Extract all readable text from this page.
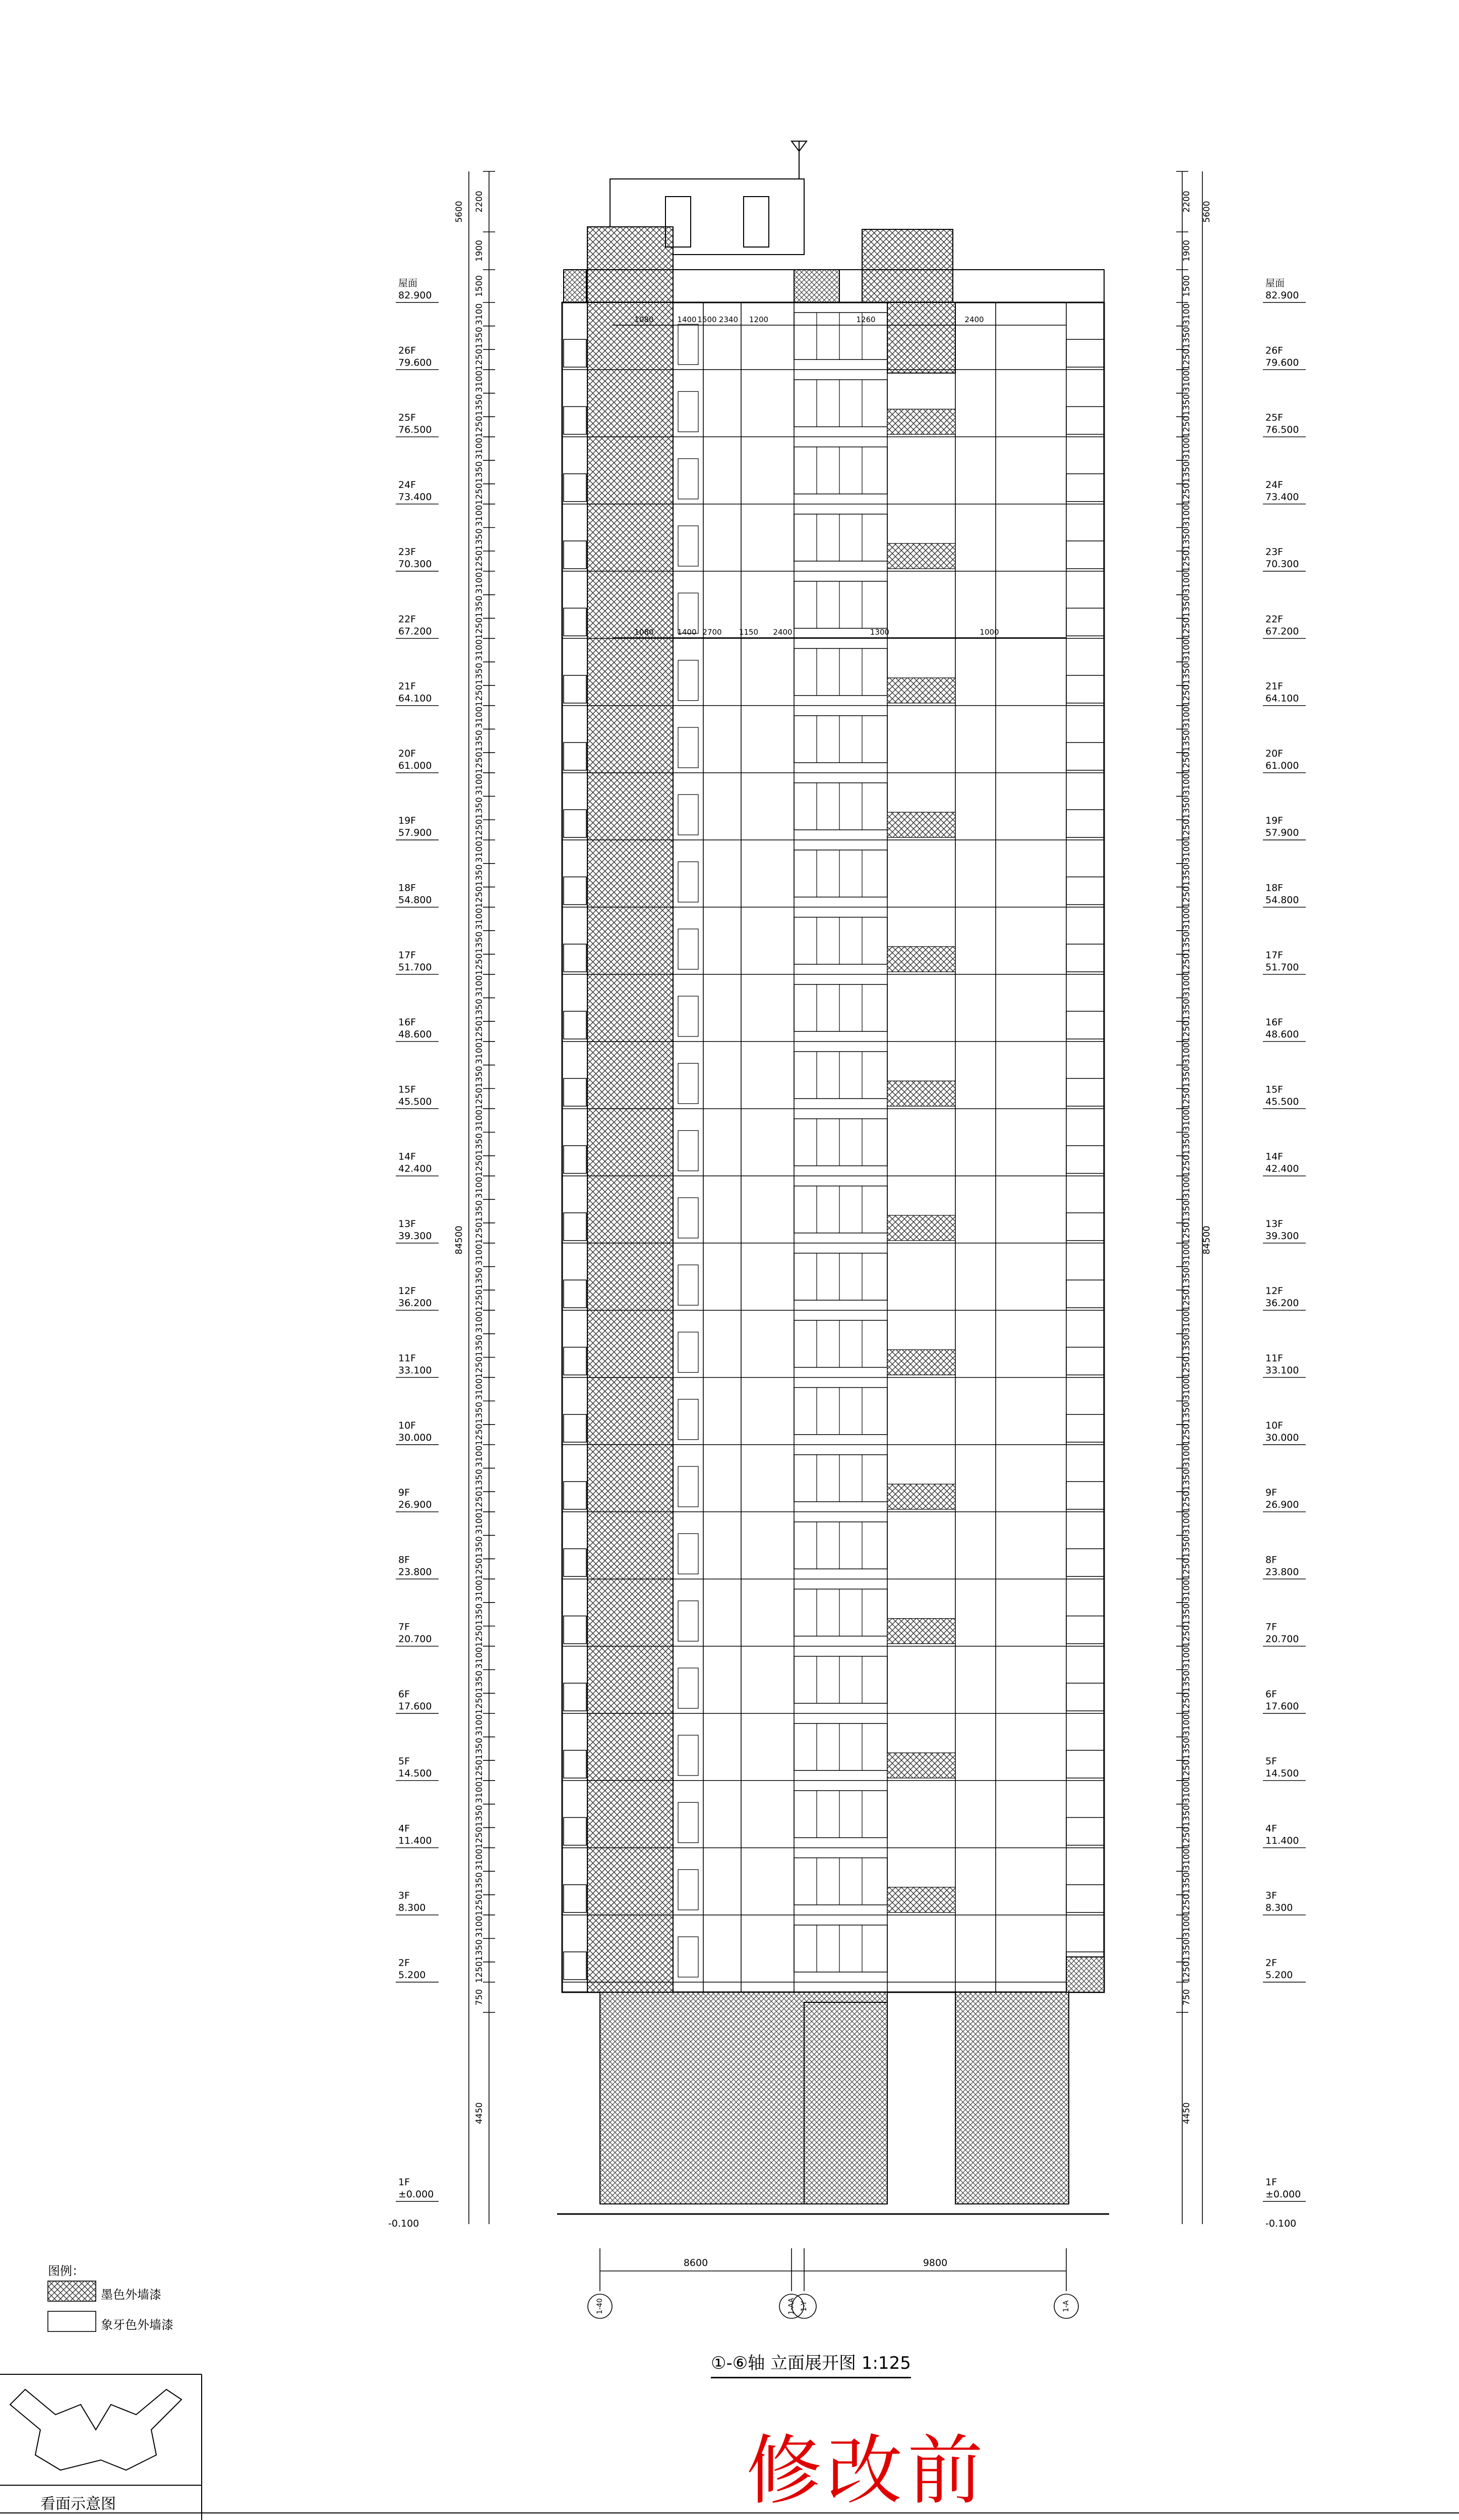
1080	1400 1500 2340 1200	1260	2400
1080	1400 2700 1150 2400	1300	1000
2200
1900
1500
3100
1350
1250
3100
1350
1250
3100
1350
1250
3100
1350
1250
3100
1350
1250
3100
1350
1250
3100
1350
1250
3100
1350
1250
3100
1350
1250
3100
1350
1250
3100
1350
1250
3100
1350
1250
3100
1350
1250
3100
1350
1250
3100
1350
1250
3100
1350
1250
3100
1350
1250
3100
1350
1250
3100
1350
1250
3100
1350
1250
3100
1350
1250
3100
1350
1250
3100
1350
1250
3100
1350
1250
3100
1350
1250
750
4450
5600
84500
2200
1900
1500
3100
1350
1250
3100
1350
1250
3100
1350
1250
3100
1350
1250
3100
1350
1250
3100
1350
1250
3100
1350
1250
3100
1350
1250
3100
1350
1250
3100
1350
1250
3100
1350
1250
3100
1350
1250
3100
1350
1250
3100
1350
1250
3100
1350
1250
3100
1350
1250
3100
1350
1250
3100
1350
1250
3100
1350
1250
3100
1350
1250
3100
1350
1250
3100
1350
1250
3100
1350
1250
3100
1350
1250
3100
1350
1250
750
4450
5600
84500
屋面
82.900
屋面
82.900
26F
79.600
26F
79.600
25F
76.500
25F
76.500
24F
73.400
24F
73.400
23F
70.300
23F
70.300
22F
67.200
22F
67.200
21F
64.100
21F
64.100
20F
61.000
20F
61.000
19F
57.900
19F
57.900
18F
54.800
18F
54.800
17F
51.700
17F
51.700
16F
48.600
16F
48.600
15F
45.500
15F
45.500
14F
42.400
14F
42.400
13F
39.300
13F
39.300
12F
36.200
12F
36.200
11F
33.100
11F
33.100
10F
30.000
10F
30.000
9F
26.900
9F
26.900
8F
23.800
8F
23.800
7F
20.700
7F
20.700
6F
17.600
6F
17.600
5F
14.500
5F
14.500
4F
11.400
4F
11.400
3F
8.300
3F
8.300
2F
5.200
2F
5.200
1F
±0.000
1F
±0.000
-0.100	-0.100
1-40	1-AA 1-Y	1-A
8600	9800
图例：
墨色外墙漆
象牙色外墙漆
①-⑥轴 立面展开图 1:125
修改前
看面示意图
